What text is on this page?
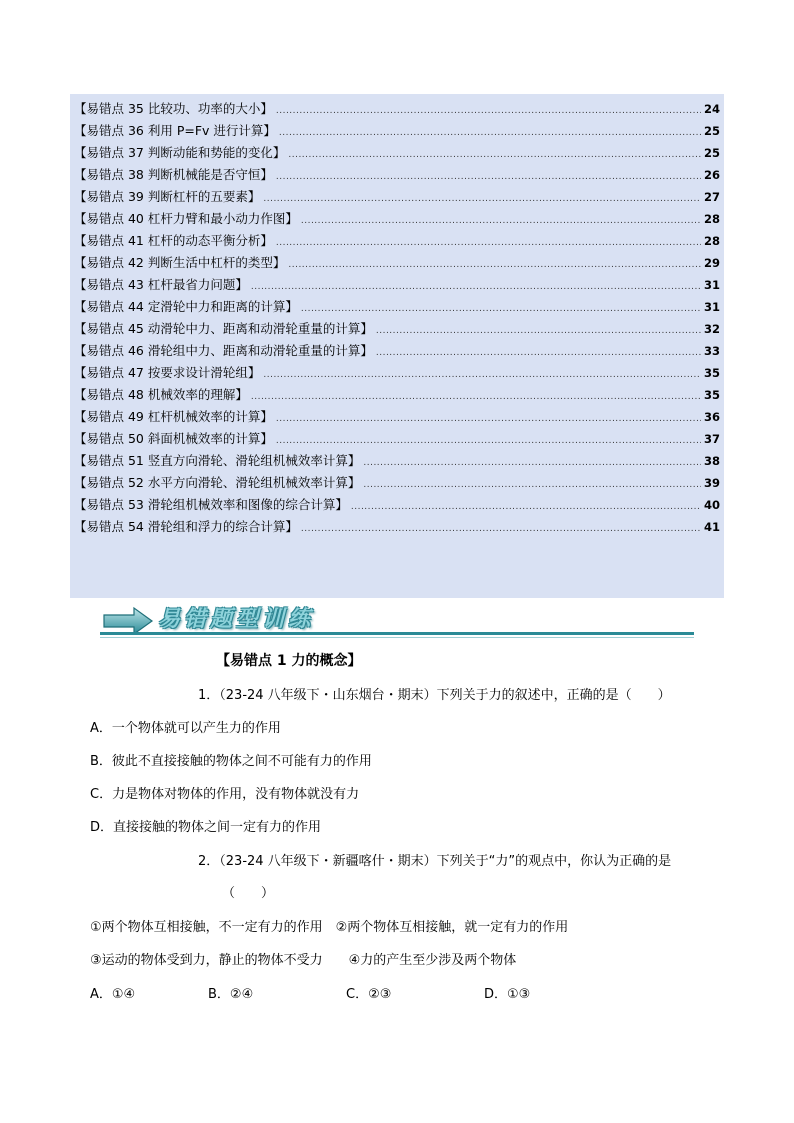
【易错点 35 比较功、功率的大小】 .....	24
【易错点 36 利用 P=Fv 进行计算】 .....	25
【易错点 37 判断动能和势能的变化】 .....	25
【易错点 38 判断机械能是否守恒】 .....	26
【易错点 39 判断杠杆的五要素】 .....	27
【易错点 40 杠杆力臂和最小动力作图】 .....	28
【易错点 41 杠杆的动态平衡分析】 .....	28
【易错点 42 判断生活中杠杆的类型】 .....	29
【易错点 43 杠杆最省力问题】 .....	31
【易错点 44 定滑轮中力和距离的计算】 .....	31
【易错点 45 动滑轮中力、距离和动滑轮重量的计算】 .....	32
【易错点 46 滑轮组中力、距离和动滑轮重量的计算】 .....	33
【易错点 47 按要求设计滑轮组】 .....	35
【易错点 48 机械效率的理解】 .....	35
【易错点 49 杠杆机械效率的计算】 .....	36
【易错点 50 斜面机械效率的计算】 .....	37
【易错点 51 竖直方向滑轮、滑轮组机械效率计算】 .....	38
【易错点 52 水平方向滑轮、滑轮组机械效率计算】 .....	39
【易错点 53 滑轮组机械效率和图像的综合计算】 .....	40
【易错点 54 滑轮组和浮力的综合计算】 .....	41
易错题型训练
【易错点 1 力的概念】
1．（23-24 八年级下・山东烟台・期末）下列关于力的叙述中，正确的是（　　）
A．一个物体就可以产生力的作用
B．彼此不直接接触的物体之间不可能有力的作用
C．力是物体对物体的作用，没有物体就没有力
D．直接接触的物体之间一定有力的作用
2．（23-24 八年级下・新疆喀什・期末）下列关于“力”的观点中，你认为正确的是
（　　）
①两个物体互相接触，不一定有力的作用　②两个物体互相接触，就一定有力的作用
③运动的物体受到力，静止的物体不受力　　④力的产生至少涉及两个物体
A．①④	B．②④	C．②③	D．①③
